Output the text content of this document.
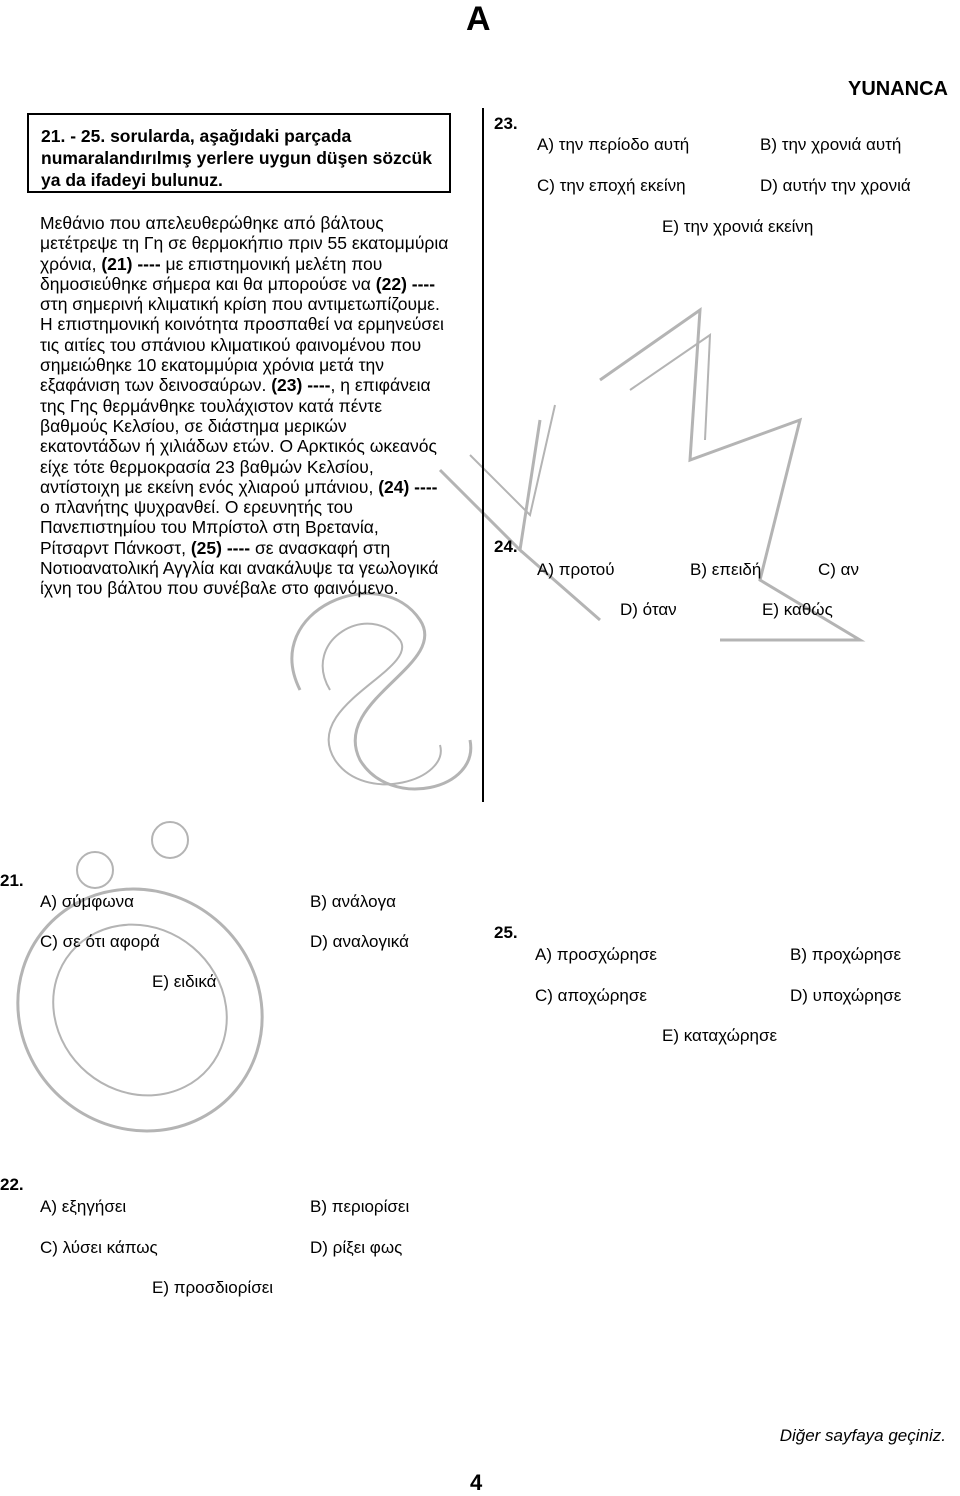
A
YUNANCA
21. - 25. sorularda, aşağıdaki parçada numaralandırılmış yerlere uygun düşen sözcük ya da ifadeyi bulunuz.
Μεθάνιο που απελευθερώθηκε από βάλτους μετέτρεψε τη Γη σε θερμοκήπιο πριν 55 εκατομμύρια χρόνια, (21) ---- με επιστημονική μελέτη που δημοσιεύθηκε σήμερα και θα μπορούσε να (22) ---- στη σημερινή κλιματική κρίση που αντιμετωπίζουμε. Η επιστημονική κοινότητα προσπαθεί να ερμηνεύσει τις αιτίες του σπάνιου κλιματικού φαινομένου που σημειώθηκε 10 εκατομμύρια χρόνια μετά την εξαφάνιση των δεινοσαύρων. (23) ----, η επιφάνεια της Γης θερμάνθηκε τουλάχιστον κατά πέντε βαθμούς Κελσίου, σε διάστημα μερικών εκατοντάδων ή χιλιάδων ετών. Ο Αρκτικός ωκεανός είχε τότε θερμοκρασία 23 βαθμών Κελσίου, αντίστοιχη με εκείνη ενός χλιαρού μπάνιου, (24) ---- ο πλανήτης ψυχρανθεί. Ο ερευνητής του Πανεπιστημίου του Μπρίστολ στη Βρετανία, Ρίτσαρντ Πάνκοστ, (25) ---- σε ανασκαφή στη Νοτιοανατολική Αγγλία και ανακάλυψε τα γεωλογικά ίχνη του βάλτου που συνέβαλε στο φαινόμενο.
23.
A) την περίοδο αυτή	B) την χρονιά αυτή
C) την εποχή εκείνη	D) αυτήν την χρονιά
E) την χρονιά εκείνη
24.
A) προτού	B) επειδή	C) αν
D) όταν	E) καθώς
21.
A) σύμφωνα	B) ανάλογα
C) σε ότι αφορά	D) αναλογικά
E) ειδικά
25.
A) προσχώρησε	B) προχώρησε
C) αποχώρησε	D) υποχώρησε
E) καταχώρησε
22.
A) εξηγήσει	B) περιορίσει
C) λύσει κάπως	D) ρίξει φως
E) προσδιορίσει
Diğer sayfaya geçiniz.
4
